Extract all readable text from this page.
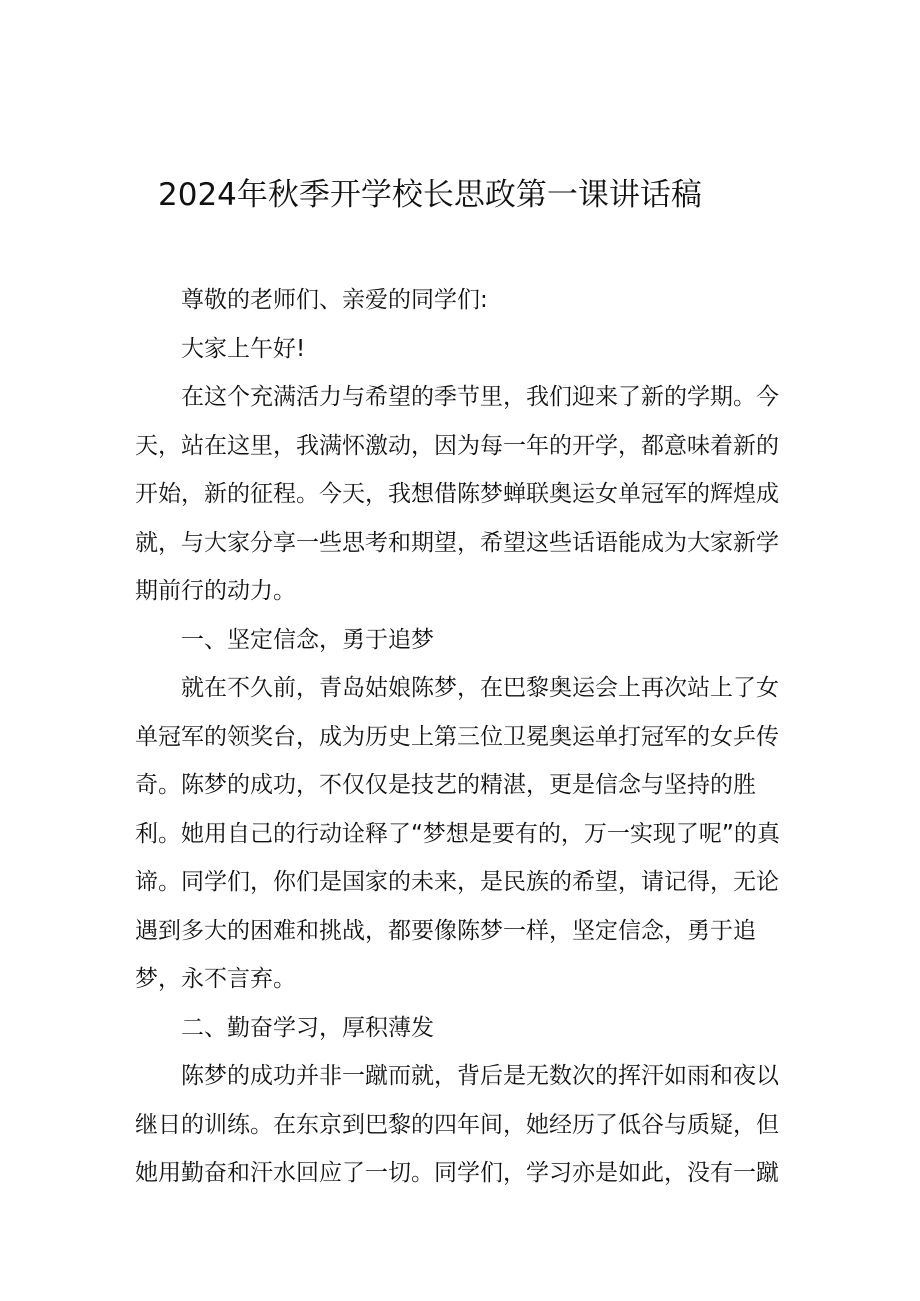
2024年秋季开学校长思政第一课讲话稿

尊敬的老师们、亲爱的同学们:

大家上午好!

在这个充满活力与希望的季节里，我们迎来了新的学期。今天，站在这里，我满怀激动，因为每一年的开学，都意味着新的开始，新的征程。今天，我想借陈梦蝉联奥运女单冠军的辉煌成就，与大家分享一些思考和期望，希望这些话语能成为大家新学期前行的动力。

一、坚定信念，勇于追梦

就在不久前，青岛姑娘陈梦，在巴黎奥运会上再次站上了女单冠军的领奖台，成为历史上第三位卫冕奥运单打冠军的女乒传奇。陈梦的成功，不仅仅是技艺的精湛，更是信念与坚持的胜利。她用自己的行动诠释了“梦想是要有的，万一实现了呢”的真谛。同学们，你们是国家的未来，是民族的希望，请记得，无论遇到多大的困难和挑战，都要像陈梦一样，坚定信念，勇于追梦，永不言弃。

二、勤奋学习，厚积薄发

陈梦的成功并非一蹴而就，背后是无数次的挥汗如雨和夜以继日的训练。在东京到巴黎的四年间，她经历了低谷与质疑，但她用勤奋和汗水回应了一切。同学们，学习亦是如此，没有一蹴
